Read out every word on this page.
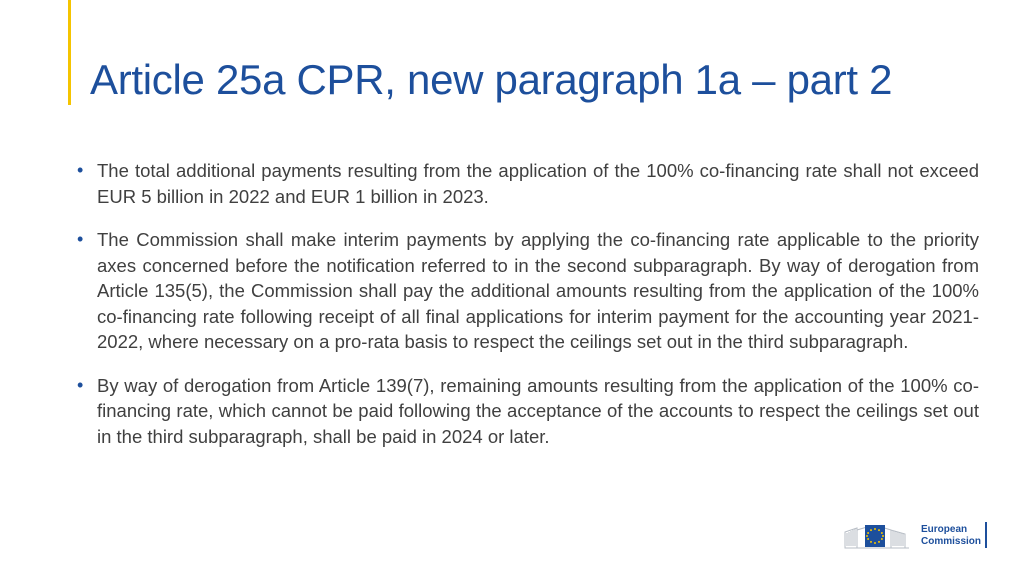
Article 25a CPR, new paragraph 1a – part 2
• The total additional payments resulting from the application of the 100% co-financing rate shall not exceed EUR 5 billion in 2022 and EUR 1 billion in 2023.
• The Commission shall make interim payments by applying the co-financing rate applicable to the priority axes concerned before the notification referred to in the second subparagraph. By way of derogation from Article 135(5), the Commission shall pay the additional amounts resulting from the application of the 100% co-financing rate following receipt of all final applications for interim payment for the accounting year 2021-2022, where necessary on a pro-rata basis to respect the ceilings set out in the third subparagraph.
• By way of derogation from Article 139(7), remaining amounts resulting from the application of the 100% co-financing rate, which cannot be paid following the acceptance of the accounts to respect the ceilings set out in the third subparagraph, shall be paid in 2024 or later.
European
Commission
